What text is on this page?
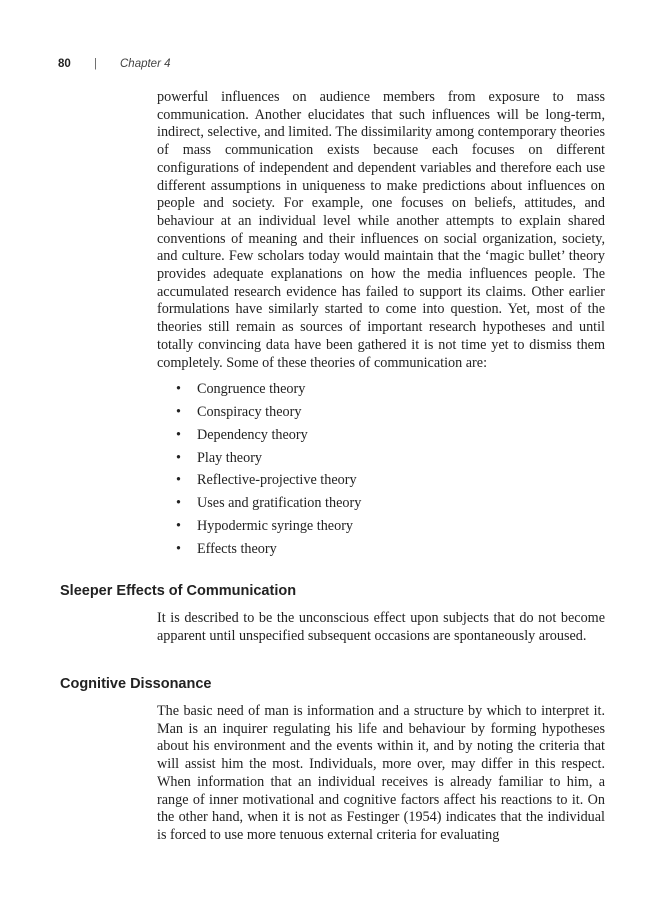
80	|	Chapter 4

powerful influences on audience members from exposure to mass communication. Another elucidates that such influences will be long-term, indirect, selective, and limited. The dissimilarity among contemporary theories of mass communication exists because each focuses on different configurations of independent and dependent variables and therefore each use different assumptions in uniqueness to make predictions about influences on people and society. For example, one focuses on beliefs, attitudes, and behaviour at an individual level while another attempts to explain shared conventions of meaning and their influences on social organization, society, and culture. Few scholars today would maintain that the ‘magic bullet’ theory provides adequate explanations on how the media influences people. The accumulated research evidence has failed to support its claims. Other earlier formulations have similarly started to come into question. Yet, most of the theories still remain as sources of important research hypotheses and until totally convincing data have been gathered it is not time yet to dismiss them completely. Some of these theories of communication are:

•	Congruence theory
•	Conspiracy theory
•	Dependency theory
•	Play theory
•	Reflective-projective theory
•	Uses and gratification theory
•	Hypodermic syringe theory
•	Effects theory
Sleeper Effects of Communication

It is described to be the unconscious effect upon subjects that do not become apparent until unspecified subsequent occasions are spontaneously aroused.

Cognitive Dissonance

The basic need of man is information and a structure by which to interpret it. Man is an inquirer regulating his life and behaviour by forming hypotheses about his environment and the events within it, and by noting the criteria that will assist him the most. Individuals, more over, may differ in this respect. When information that an individual receives is already familiar to him, a range of inner motivational and cognitive factors affect his reactions to it. On the other hand, when it is not as Festinger (1954) indicates that the individual is forced to use more tenuous external criteria for evaluating
